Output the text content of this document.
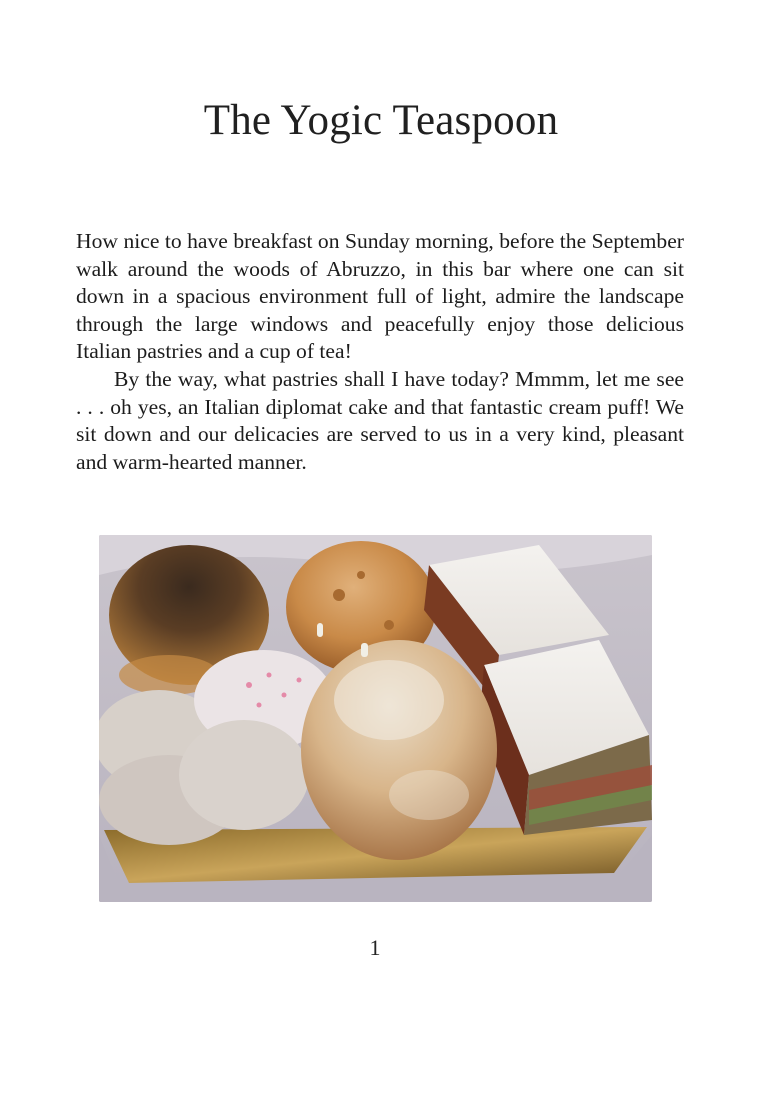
The Yogic Teaspoon

How nice to have breakfast on Sunday morning, before the September walk around the woods of Abruzzo, in this bar where one can sit down in a spacious environment full of light, admire the landscape through the large windows and peacefully enjoy those delicious Italian pastries and a cup of tea!

By the way, what pastries shall I have today? Mmmm, let me see . . . oh yes, an Italian diplomat cake and that fantastic cream puff! We sit down and our delicacies are served to us in a very kind, pleasant and warm-hearted manner.

1
